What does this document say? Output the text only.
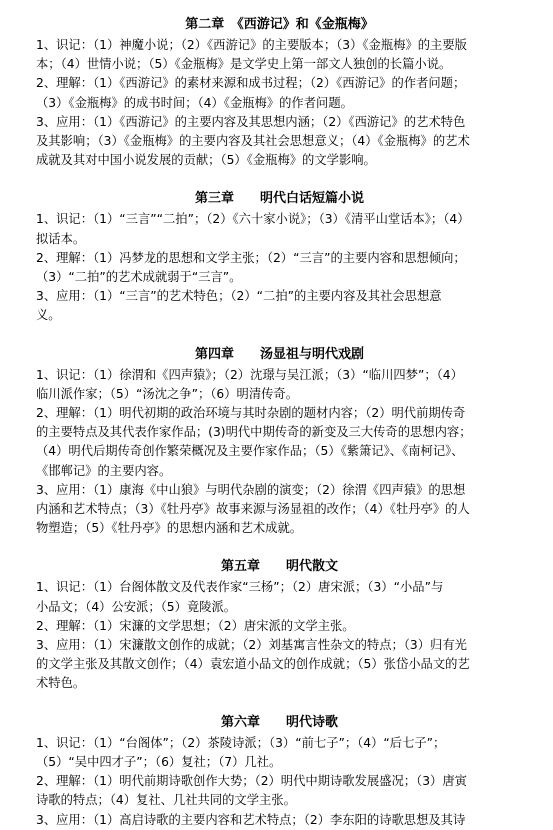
第二章　《西游记》和《金瓶梅》
1、识记：（1）神魔小说；（2）《西游记》的主要版本；（3）《金瓶梅》的主要版
本；（4）世情小说；（5）《金瓶梅》是文学史上第一部文人独创的长篇小说。
2、理解：（1）《西游记》的素材来源和成书过程；（2）《西游记》的作者问题；
（3）《金瓶梅》的成书时间；（4）《金瓶梅》的作者问题。
3、应用：（1）《西游记》的主要内容及其思想内涵；（2）《西游记》的艺术特色
及其影响；（3）《金瓶梅》的主要内容及其社会思想意义；（4）《金瓶梅》的艺术
成就及其对中国小说发展的贡献；（5）《金瓶梅》的文学影响。
第三章　　明代白话短篇小说
1、识记：（1）“三言”“二拍”；（2）《六十家小说》；（3）《清平山堂话本》；（4）
拟话本。
2、理解：（1）冯梦龙的思想和文学主张；（2）“三言”的主要内容和思想倾向；
（3）“二拍”的艺术成就弱于“三言”。
3、应用：（1）“三言”的艺术特色；（2）“二拍”的主要内容及其社会思想意
义。
第四章　　汤显祖与明代戏剧
1、识记：（1）徐渭和《四声猿》；（2）沈璟与吴江派；（3）“临川四梦”；（4）
临川派作家；（5）“汤沈之争”；（6）明清传奇。
2、理解：（1）明代初期的政治环境与其时杂剧的题材内容；（2）明代前期传奇
的主要特点及其代表作家作品；(3)明代中期传奇的新变及三大传奇的思想内容；
（4）明代后期传奇创作繁荣概况及主要作家作品；（5）《紫箫记》、《南柯记》、
《邯郸记》的主要内容。
3、应用：（1）康海《中山狼》与明代杂剧的演变；（2）徐渭《四声猿》的思想
内涵和艺术特点；（3）《牡丹亭》故事来源与汤显祖的改作；（4）《牡丹亭》的人
物塑造；（5）《牡丹亭》的思想内涵和艺术成就。
第五章　　明代散文
1、识记：（1）台阁体散文及代表作家“三杨”；（2）唐宋派；（3）“小品”与
小品文；（4）公安派；（5）竟陵派。
2、理解：（1）宋濂的文学思想；（2）唐宋派的文学主张。
3、应用：（1）宋濂散文创作的成就；（2）刘基寓言性杂文的特点；（3）归有光
的文学主张及其散文创作；（4）袁宏道小品文的创作成就；（5）张岱小品文的艺
术特色。
第六章　　明代诗歌
1、识记：（1）“台阁体”；（2）茶陵诗派；（3）“前七子”；（4）“后七子”；
（5）“吴中四才子”；（6）复社；（7）几社。
2、理解：（1）明代前期诗歌创作大势；（2）明代中期诗歌发展盛况；（3）唐寅
诗歌的特点；（4）复社、几社共同的文学主张。
3、应用：（1）高启诗歌的主要内容和艺术特点；（2）李东阳的诗歌思想及其诗
